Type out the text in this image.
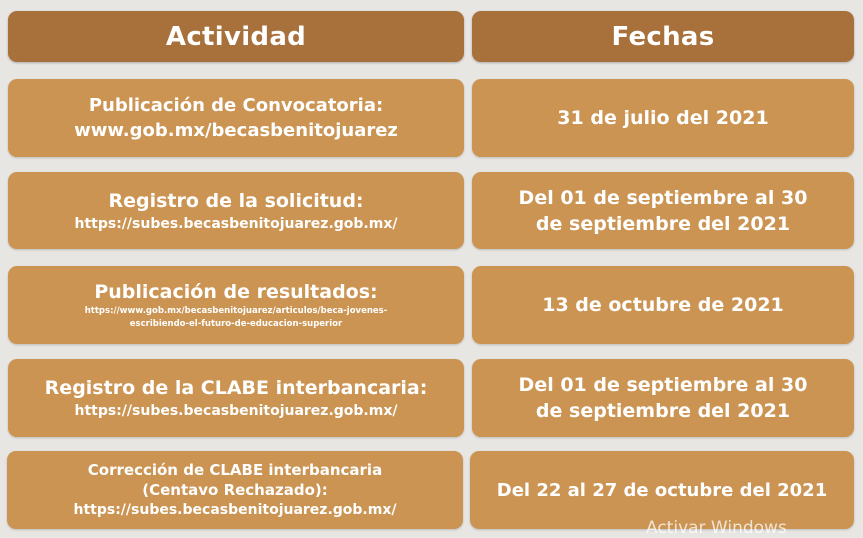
Actividad	Fechas
Publicación de Convocatoria:
www.gob.mx/becasbenitojuarez
31 de julio del 2021
Registro de la solicitud:
https://subes.becasbenitojuarez.gob.mx/
Del 01 de septiembre al 30
de septiembre del 2021
Publicación de resultados:
https://www.gob.mx/becasbenitojuarez/articulos/beca-jovenes-
escribiendo-el-futuro-de-educacion-superior
13 de octubre de 2021
Registro de la CLABE interbancaria:
https://subes.becasbenitojuarez.gob.mx/
Del 01 de septiembre al 30
de septiembre del 2021
Corrección de CLABE interbancaria
(Centavo Rechazado):
https://subes.becasbenitojuarez.gob.mx/
Del 22 al 27 de octubre del 2021
Activar Windows
